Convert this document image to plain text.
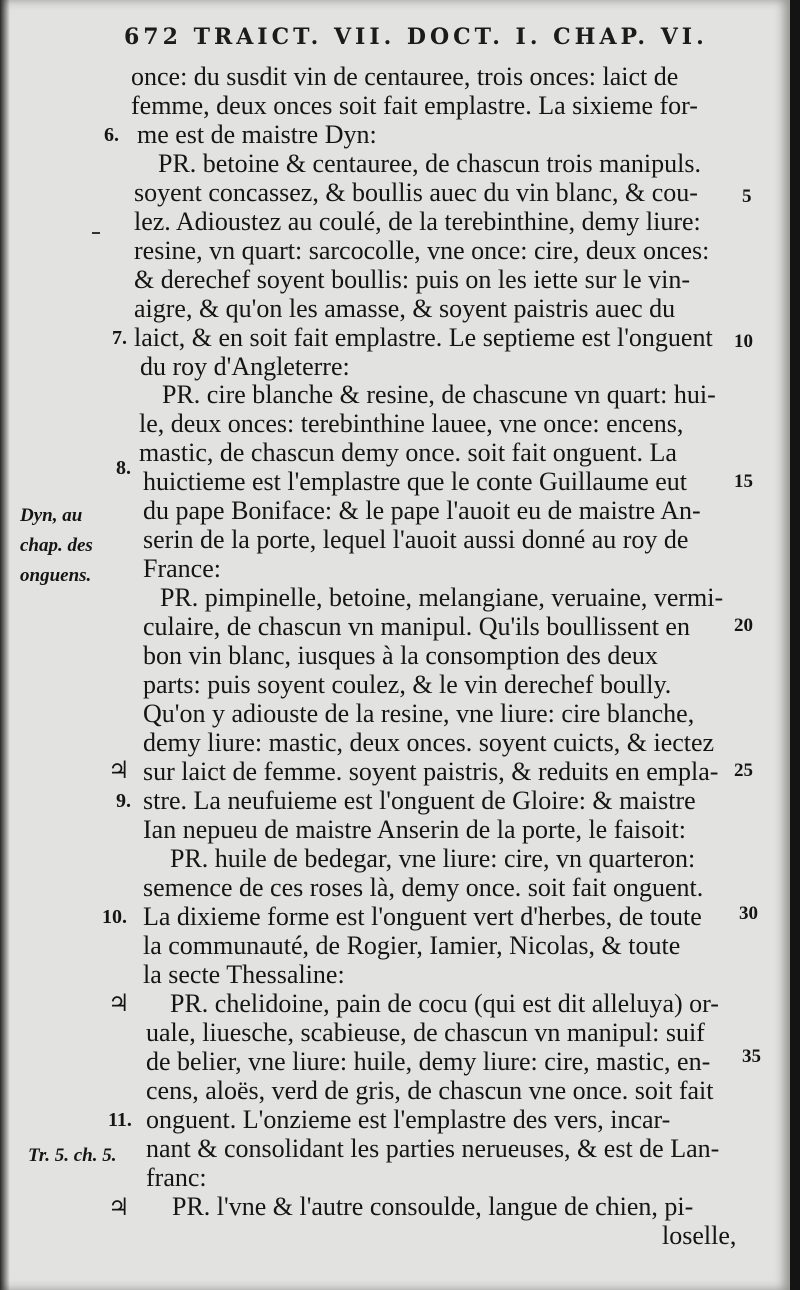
672 TRAICT. VII. DOCT. I. CHAP. VI.
once: du susdit vin de centauree, trois onces: laict de
femme, deux onces soit fait emplastre. La sixieme for-
me est de maistre Dyn:
PR. betoine & centauree, de chascun trois manipuls.
soyent concassez, & boullis auec du vin blanc, & cou-
lez. Adioustez au coulé, de la terebinthine, demy liure:
resine, vn quart: sarcocolle, vne once: cire, deux onces:
& derechef soyent boullis: puis on les iette sur le vin-
aigre, & qu'on les amasse, & soyent paistris auec du
laict, & en soit fait emplastre. Le septieme est l'onguent
du roy d'Angleterre:
PR. cire blanche & resine, de chascune vn quart: hui-
le, deux onces: terebinthine lauee, vne once: encens,
mastic, de chascun demy once. soit fait onguent. La
huictieme est l'emplastre que le conte Guillaume eut
du pape Boniface: & le pape l'auoit eu de maistre An-
serin de la porte, lequel l'auoit aussi donné au roy de
France:
PR. pimpinelle, betoine, melangiane, veruaine, vermi-
culaire, de chascun vn manipul. Qu'ils boullissent en
bon vin blanc, iusques à la consomption des deux
parts: puis soyent coulez, & le vin derechef boully.
Qu'on y adiouste de la resine, vne liure: cire blanche,
demy liure: mastic, deux onces. soyent cuicts, & iectez
sur laict de femme. soyent paistris, & reduits en empla-
stre. La neufuieme est l'onguent de Gloire: & maistre
Ian nepueu de maistre Anserin de la porte, le faisoit:
PR. huile de bedegar, vne liure: cire, vn quarteron:
semence de ces roses là, demy once. soit fait onguent.
La dixieme forme est l'onguent vert d'herbes, de toute
la communauté, de Rogier, Iamier, Nicolas, & toute
la secte Thessaline:
PR. chelidoine, pain de cocu (qui est dit alleluya) or-
uale, liuesche, scabieuse, de chascun vn manipul: suif
de belier, vne liure: huile, demy liure: cire, mastic, en-
cens, aloës, verd de gris, de chascun vne once. soit fait
onguent. L'onzieme est l'emplastre des vers, incar-
nant & consolidant les parties nerueuses, & est de Lan-
franc:
PR. l'vne & l'autre consoulde, langue de chien, pi-
loselle,
6.
7.
8.
9.
10.
11.
5
10
15
20
25
30
35
Dyn, au
chap. des
onguens.
Tr. 5. ch. 5.
♃
♃
♃
